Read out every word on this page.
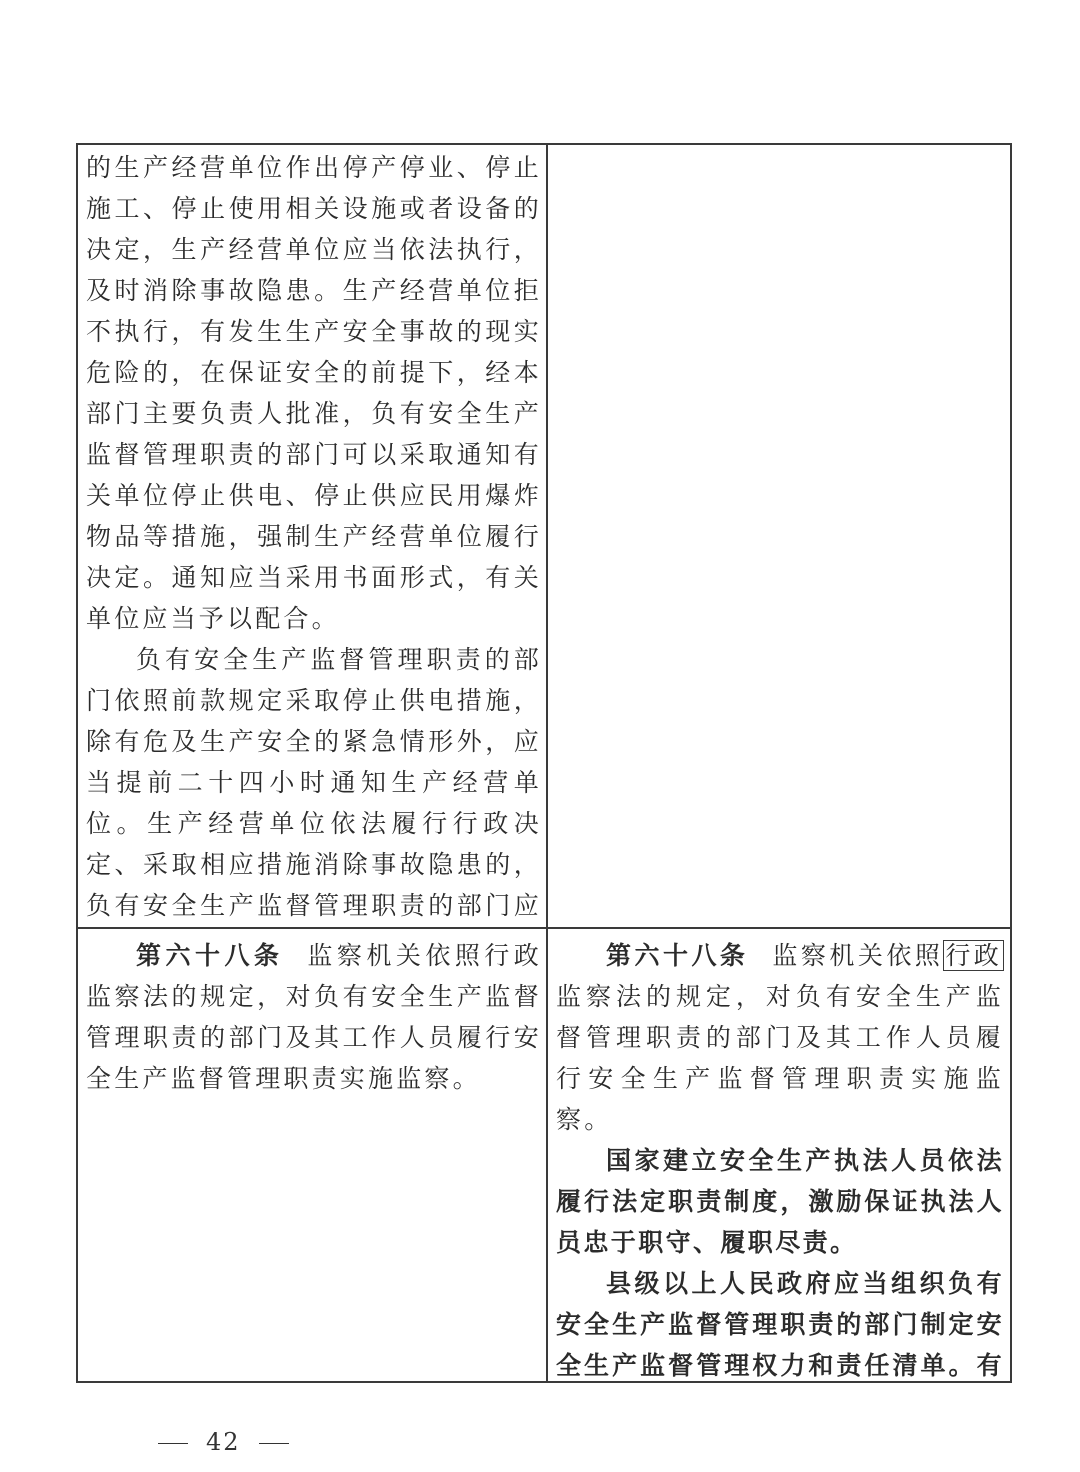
的生产经营单位作出停产停业、停止施工、停止使用相关设施或者设备的决定，生产经营单位应当依法执行，及时消除事故隐患。生产经营单位拒不执行，有发生生产安全事故的现实危险的，在保证安全的前提下，经本部门主要负责人批准，负有安全生产监督管理职责的部门可以采取通知有关单位停止供电、停止供应民用爆炸物品等措施，强制生产经营单位履行决定。通知应当采用书面形式，有关单位应当予以配合。

负有安全生产监督管理职责的部门依照前款规定采取停止供电措施，除有危及生产安全的紧急情形外，应当提前二十四小时通知生产经营单位。生产经营单位依法履行行政决定、采取相应措施消除事故隐患的，负有安全生产监督管理职责的部门应

第六十八条 监察机关依照行政监察法的规定，对负有安全生产监督管理职责的部门及其工作人员履行安全生产监督管理职责实施监察。

第六十八条 监察机关依照行政监察法的规定，对负有安全生产监督管理职责的部门及其工作人员履行安全生产监督管理职责实施监察。

国家建立安全生产执法人员依法履行法定职责制度，激励保证执法人员忠于职守、履职尽责。

县级以上人民政府应当组织负有安全生产监督管理职责的部门制定安全生产监督管理权力和责任清单。有

42
